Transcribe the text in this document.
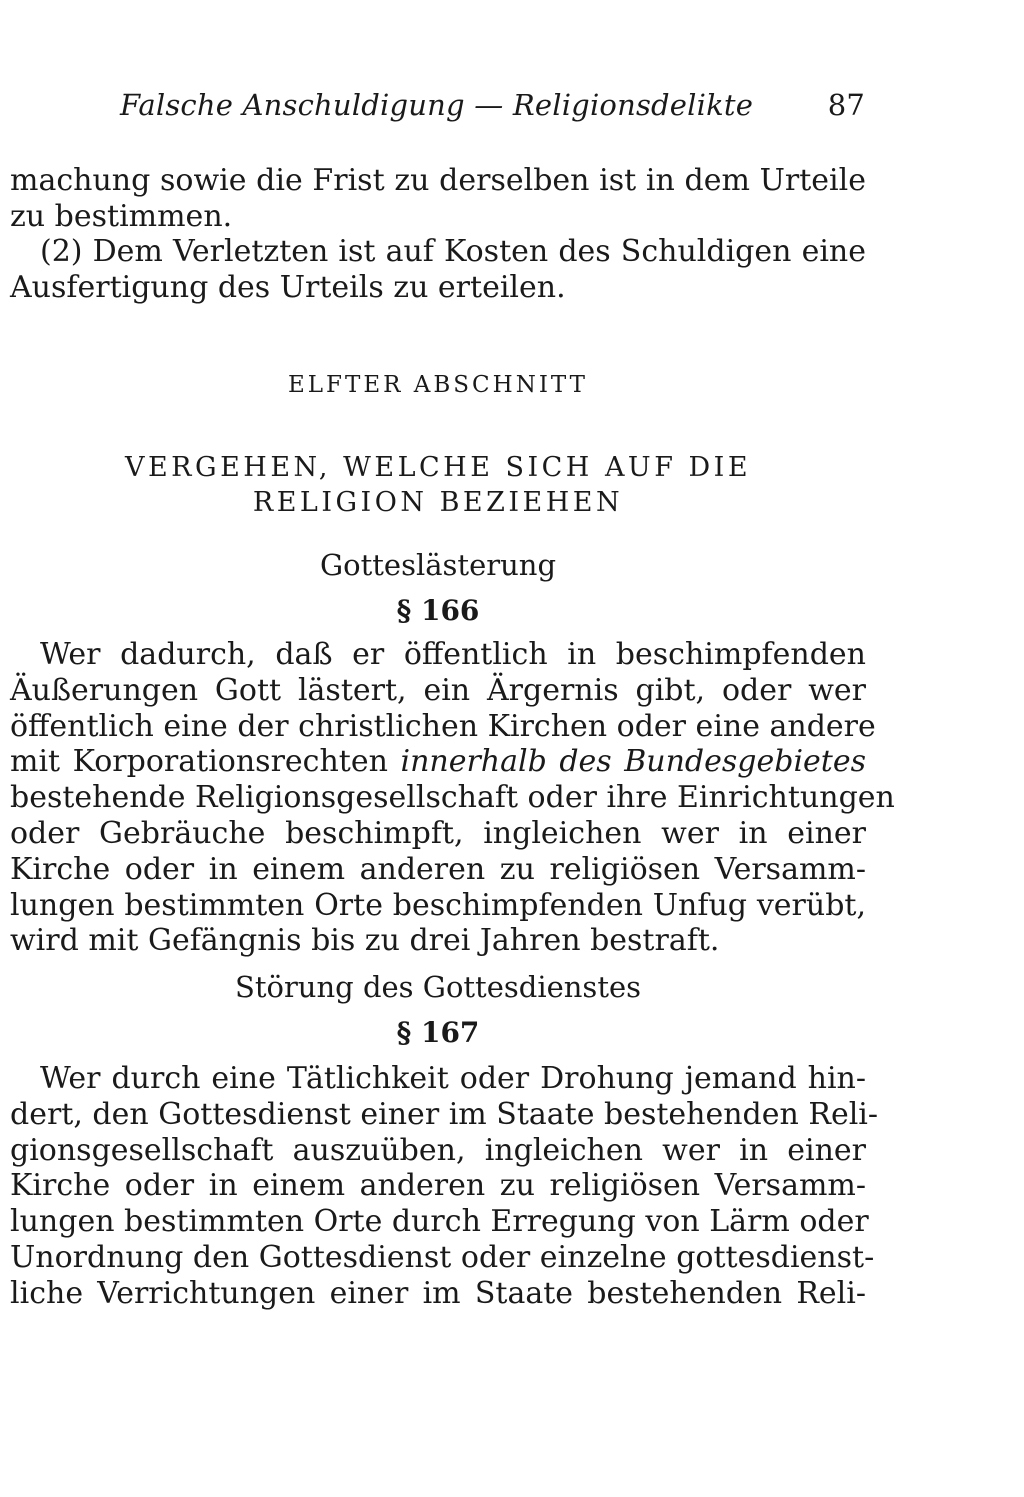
Falsche Anschuldigung — Religionsdelikte	87

machung sowie die Frist zu derselben ist in dem Urteile
zu bestimmen.

(2) Dem Verletzten ist auf Kosten des Schuldigen eine
Ausfertigung des Urteils zu erteilen.

ELFTER ABSCHNITT

VERGEHEN, WELCHE SICH AUF DIE
RELIGION BEZIEHEN

Gotteslästerung

§ 166

Wer dadurch, daß er öffentlich in beschimpfenden
Äußerungen Gott lästert, ein Ärgernis gibt, oder wer
öffentlich eine der christlichen Kirchen oder eine andere
mit Korporationsrechten innerhalb des Bundesgebietes
bestehende Religionsgesellschaft oder ihre Einrichtungen
oder Gebräuche beschimpft, ingleichen wer in einer
Kirche oder in einem anderen zu religiösen Versamm-
lungen bestimmten Orte beschimpfenden Unfug verübt,
wird mit Gefängnis bis zu drei Jahren bestraft.

Störung des Gottesdienstes

§ 167

Wer durch eine Tätlichkeit oder Drohung jemand hin-
dert, den Gottesdienst einer im Staate bestehenden Reli-
gionsgesellschaft auszuüben, ingleichen wer in einer
Kirche oder in einem anderen zu religiösen Versamm-
lungen bestimmten Orte durch Erregung von Lärm oder
Unordnung den Gottesdienst oder einzelne gottesdienst-
liche Verrichtungen einer im Staate bestehenden Reli-
